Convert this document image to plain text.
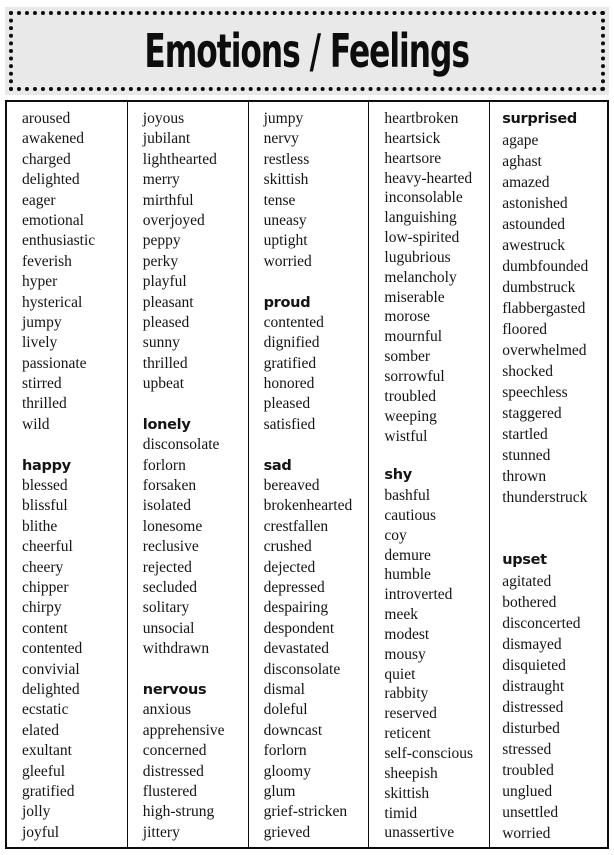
Emotions / Feelings
aroused
awakened
charged
delighted
eager
emotional
enthusiastic
feverish
hyper
hysterical
jumpy
lively
passionate
stirred
thrilled
wild
happy
blessed
blissful
blithe
cheerful
cheery
chipper
chirpy
content
contented
convivial
delighted
ecstatic
elated
exultant
gleeful
gratified
jolly
joyful
joyous
jubilant
lighthearted
merry
mirthful
overjoyed
peppy
perky
playful
pleasant
pleased
sunny
thrilled
upbeat
lonely
disconsolate
forlorn
forsaken
isolated
lonesome
reclusive
rejected
secluded
solitary
unsocial
withdrawn
nervous
anxious
apprehensive
concerned
distressed
flustered
high-strung
jittery
jumpy
nervy
restless
skittish
tense
uneasy
uptight
worried
proud
contented
dignified
gratified
honored
pleased
satisfied
sad
bereaved
brokenhearted
crestfallen
crushed
dejected
depressed
despairing
despondent
devastated
disconsolate
dismal
doleful
downcast
forlorn
gloomy
glum
grief-stricken
grieved
heartbroken
heartsick
heartsore
heavy-hearted
inconsolable
languishing
low-spirited
lugubrious
melancholy
miserable
morose
mournful
somber
sorrowful
troubled
weeping
wistful
shy
bashful
cautious
coy
demure
humble
introverted
meek
modest
mousy
quiet
rabbity
reserved
reticent
self-conscious
sheepish
skittish
timid
unassertive
surprised
agape
aghast
amazed
astonished
astounded
awestruck
dumbfounded
dumbstruck
flabbergasted
floored
overwhelmed
shocked
speechless
staggered
startled
stunned
thrown
thunderstruck
upset
agitated
bothered
disconcerted
dismayed
disquieted
distraught
distressed
disturbed
stressed
troubled
unglued
unsettled
worried
